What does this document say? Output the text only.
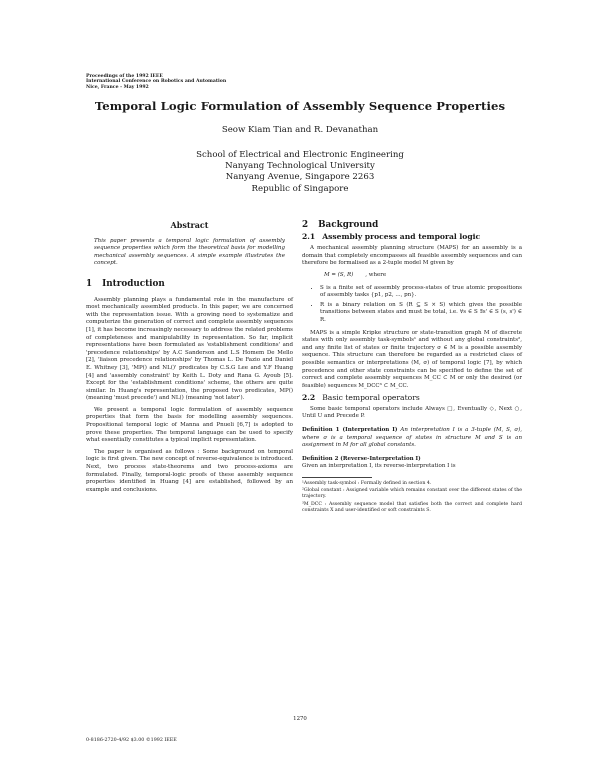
Proceedings of the 1992 IEEE
International Conference on Robotics and Automation
Nice, France - May 1992
Temporal Logic Formulation of Assembly Sequence Properties
Seow Kiam Tian and R. Devanathan
School of Electrical and Electronic Engineering
Nanyang Technological University
Nanyang Avenue, Singapore 2263
Republic of Singapore
Abstract
This paper presents a temporal logic formulation of assembly sequence properties which form the theoretical basis for modelling mechanical assembly sequences. A simple example illustrates the concept.
1 Introduction
Assembly planning plays a fundamental role in the manufacture of most mechanically assembled products. In this paper, we are concerned with the representation issue. With a growing need to systematize and computerize the generation of correct and complete assembly sequences [1], it has become increasingly necessary to address the related problems of completeness and manipulability in representation. So far, implicit representations have been formulated as 'establishment conditions' and 'precedence relationships' by A.C Sanderson and L.S Homem De Mello [2], 'liaison precedence relationships' by Thomas L. De Fazio and Daniel E. Whitney [3], 'MP() and NL()' predicates by C.S.G Lee and Y.F Huang [4] and 'assembly constraint' by Keith L. Doty and Rana G. Ayoub [5]. Except for the 'establishment conditions' scheme, the others are quite similar. In Huang's representation, the proposed two predicates, MP() (meaning 'must precede') and NL() (meaning 'not later').
We present a temporal logic formulation of assembly sequence properties that form the basis for modelling assembly sequences. Propositional temporal logic of Manna and Pnueli [6,7] is adopted to prove these properties. The temporal language can be used to specify what essentially constitutes a typical implicit representation.
The paper is organised as follows : Some background on temporal logic is first given. The new concept of reverse-equivalence is introduced. Next, two process state-theorems and two process-axioms are formulated. Finally, temporal-logic proofs of these assembly sequence properties identified in Huang [4] are established, followed by an example and conclusions.
2 Background
2.1 Assembly process and temporal logic
A mechanical assembly planning structure (MAPS) for an assembly is a domain that completely encompasses all feasible assembly sequences and can therefore be formalised as a 2-tuple model M given by
M = (S, R) , where
• S is a finite set of assembly process-states of true atomic propositions of assembly tasks {p1, p2, ..., pn}.
• R is a binary relation on S (R ⊆ S × S) which gives the possible transitions between states and must be total, i.e. ∀s ∈ S ∃s' ∈ S (s, s') ∈ R.
MAPS is a simple Kripke structure or state-transition graph M of discrete states with only assembly task-symbols¹ and without any global constraints², and any finite list of states or finite trajectory σ ∈ M is a possible assembly sequence. This structure can therefore be regarded as a restricted class of possible semantics or interpretations (M, σ) of temporal logic [7], by which precedence and other state constraints can be specified to define the set of correct and complete assembly sequences M_CC ⊂ M or only the desired (or feasible) sequences M_DCC³ ⊂ M_CC.
2.2 Basic temporal operators
Some basic temporal operators include Always □, Eventually ◇, Next ○, Until U and Precede P.
Definition 1 (Interpretation I) An interpretation I is a 3-tuple (M, S, σ), where σ is a temporal sequence of states in structure M and S is an assignment in M for all global constants.
Definition 2 (Reverse-Interpretation I)
Given an interpretation I, its reverse-interpretation I is
¹Assembly task-symbol : Formally defined in section 4.
²Global constant : Assigned variable which remains constant over the different states of the trajectory.
³M_DCC : Assembly sequence model that satisfies both the correct and complete hard constraints X and user-identified or soft constraints S.
1270
0-8186-2720-4/92 $3.00 ©1992 IEEE
